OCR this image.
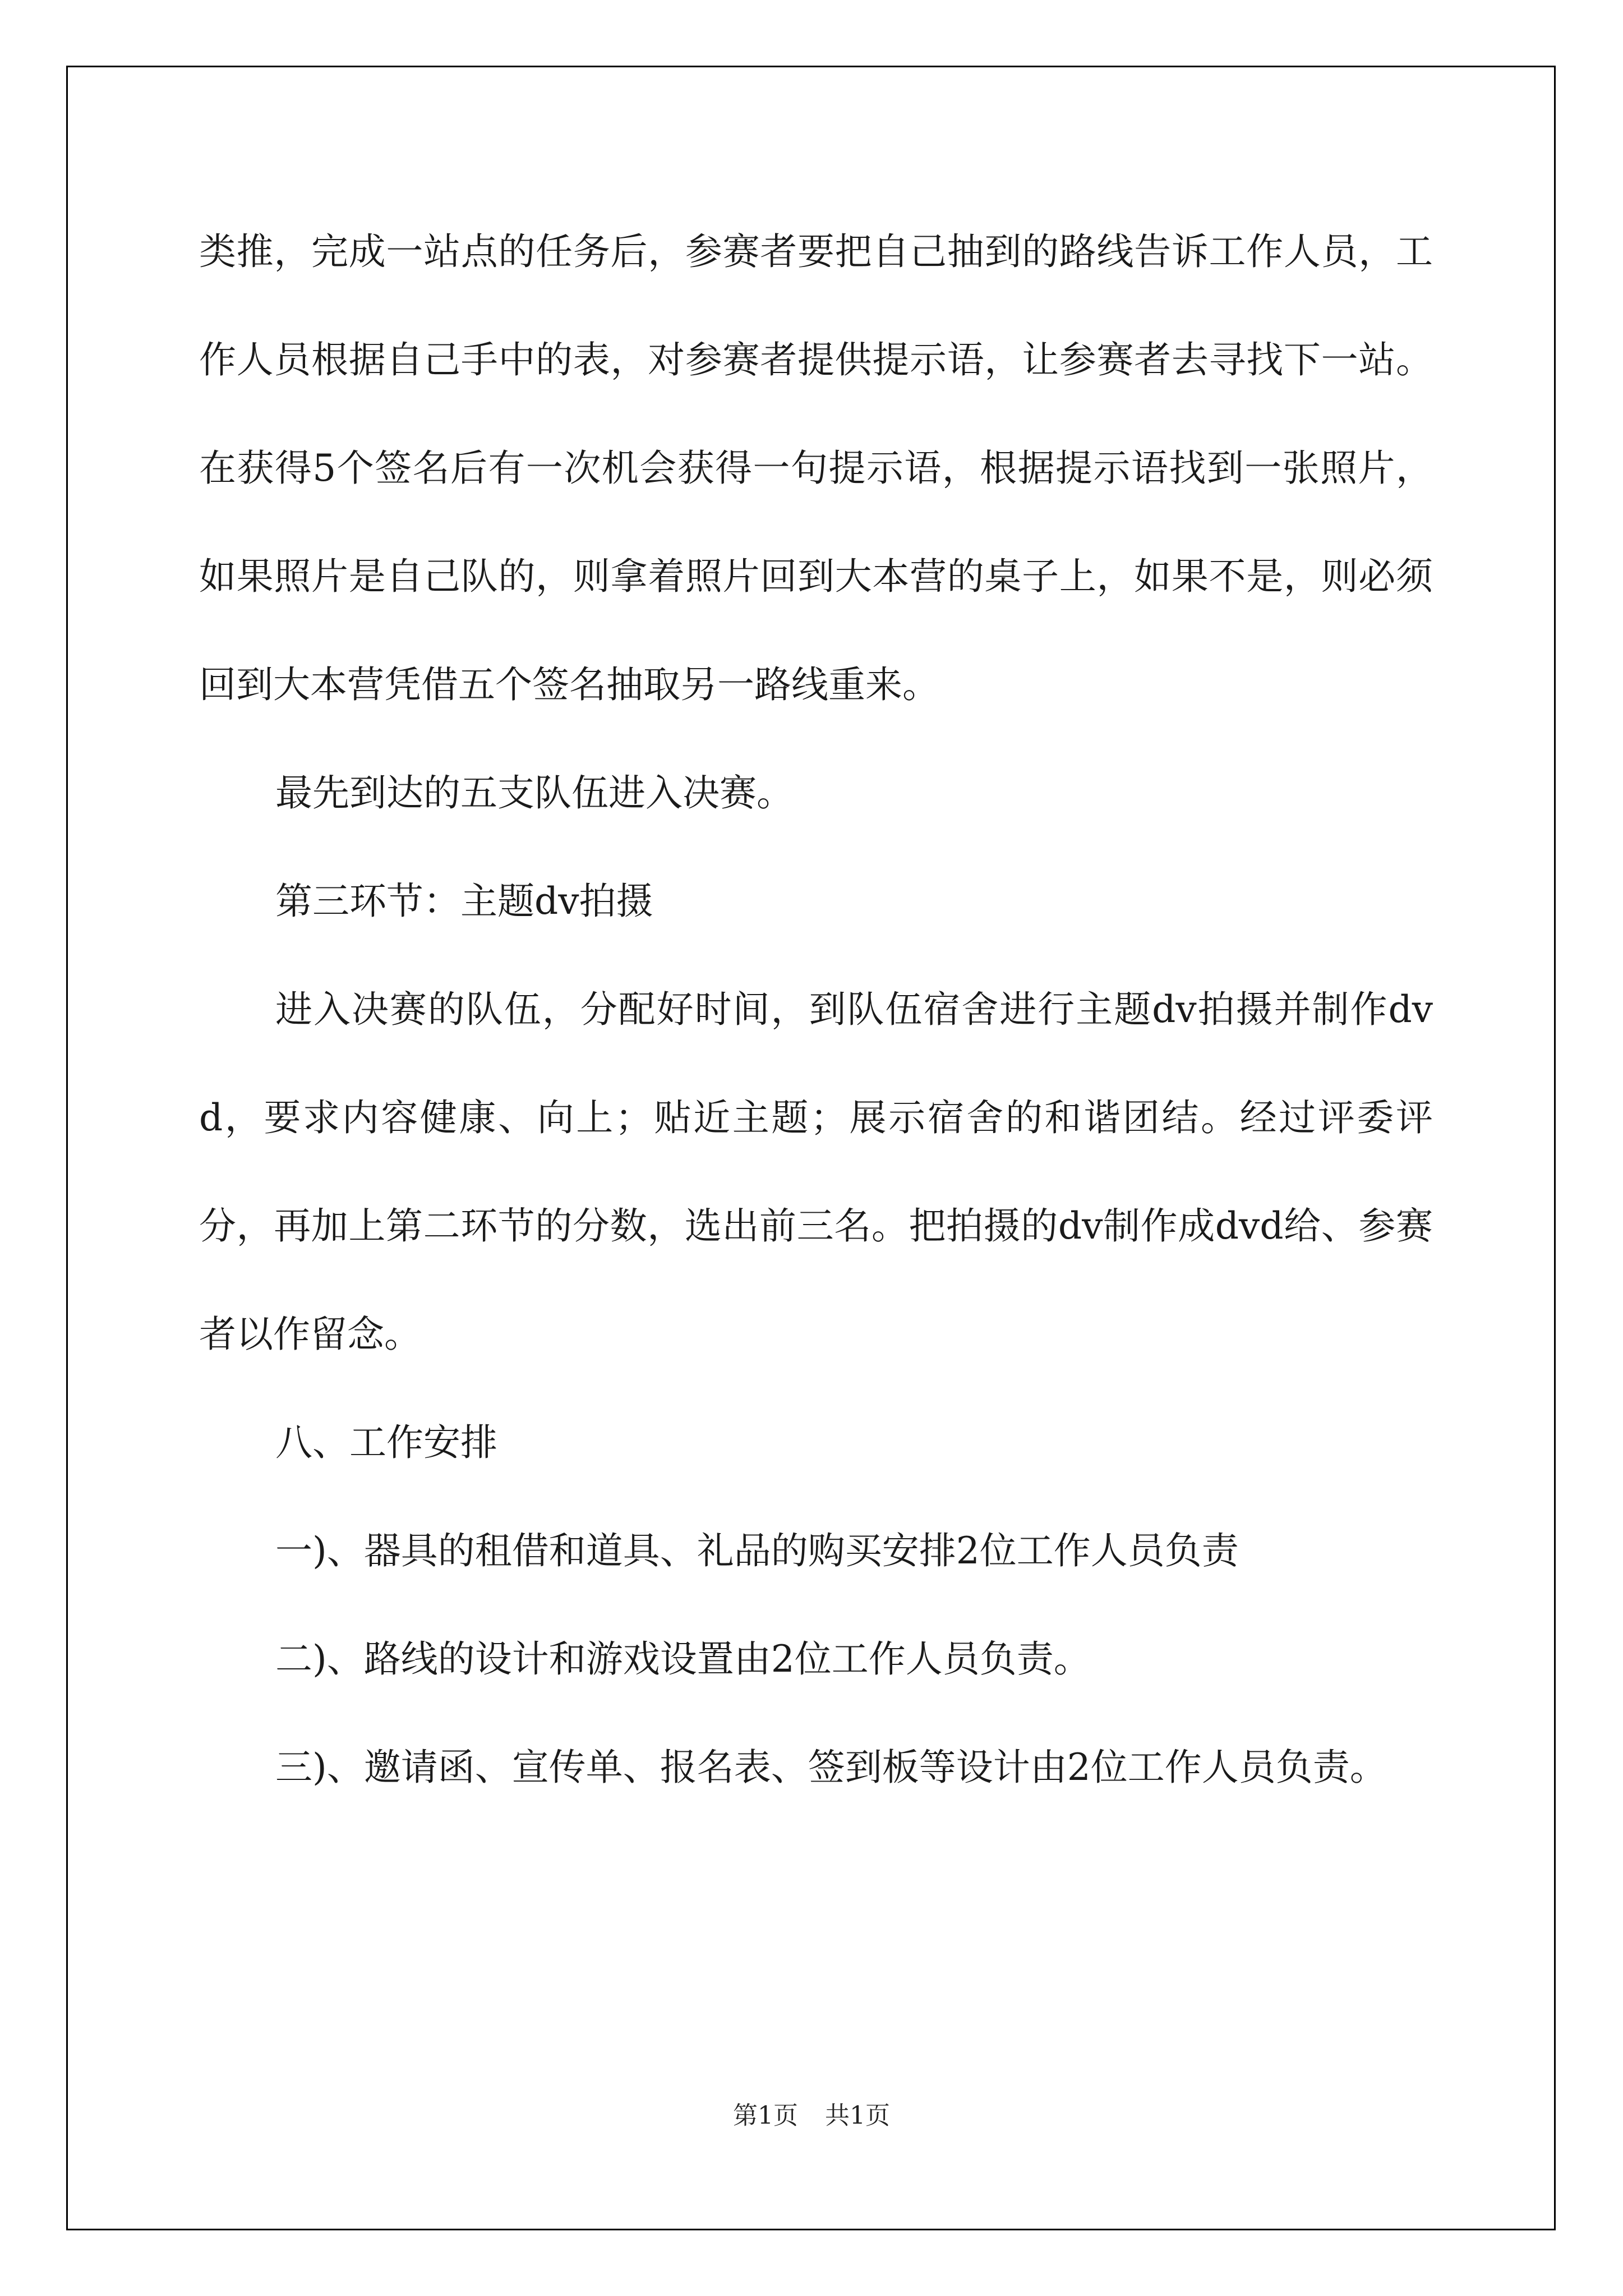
类推，完成一站点的任务后，参赛者要把自己抽到的路线告诉工作人员，工作人员根据自己手中的表，对参赛者提供提示语，让参赛者去寻找下一站。在获得5个签名后有一次机会获得一句提示语，根据提示语找到一张照片，如果照片是自己队的，则拿着照片回到大本营的桌子上，如果不是，则必须回到大本营凭借五个签名抽取另一路线重来。

最先到达的五支队伍进入决赛。

第三环节：主题dv拍摄

进入决赛的队伍，分配好时间，到队伍宿舍进行主题dv拍摄并制作dvd，要求内容健康、向上；贴近主题；展示宿舍的和谐团结。经过评委评分，再加上第二环节的分数，选出前三名。把拍摄的dv制作成dvd给、参赛者以作留念。

八、工作安排

一)、器具的租借和道具、礼品的购买安排2位工作人员负责

二)、路线的设计和游戏设置由2位工作人员负责。

三)、邀请函、宣传单、报名表、签到板等设计由2位工作人员负责。

第1页 共1页
